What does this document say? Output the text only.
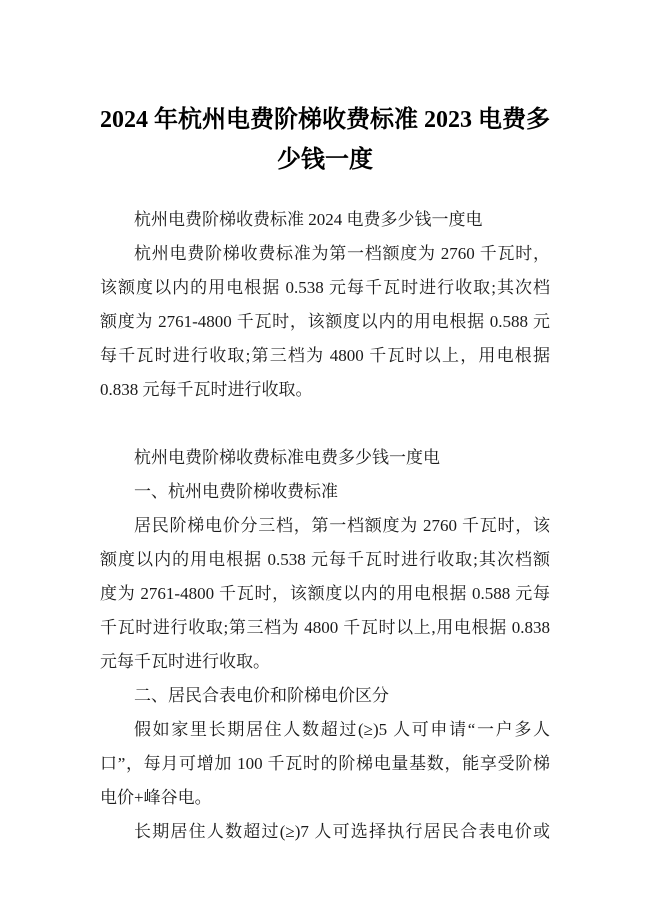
2024 年杭州电费阶梯收费标准 2023 电费多
少钱一度
杭州电费阶梯收费标准 2024 电费多少钱一度电
杭州电费阶梯收费标准为第一档额度为 2760 千瓦时，
该额度以内的用电根据 0.538 元每千瓦时进行收取;其次档
额度为 2761-4800 千瓦时，该额度以内的用电根据 0.588 元
每千瓦时进行收取;第三档为 4800 千瓦时以上，用电根据
0.838 元每千瓦时进行收取。
杭州电费阶梯收费标准电费多少钱一度电
一、杭州电费阶梯收费标准
居民阶梯电价分三档，第一档额度为 2760 千瓦时，该
额度以内的用电根据 0.538 元每千瓦时进行收取;其次档额
度为 2761-4800 千瓦时，该额度以内的用电根据 0.588 元每
千瓦时进行收取;第三档为 4800 千瓦时以上,用电根据 0.838
元每千瓦时进行收取。
二、居民合表电价和阶梯电价区分
假如家里长期居住人数超过(≥)5 人可申请“一户多人
口”，每月可增加 100 千瓦时的阶梯电量基数，能享受阶梯
电价+峰谷电。
长期居住人数超过(≥)7 人可选择执行居民合表电价或
